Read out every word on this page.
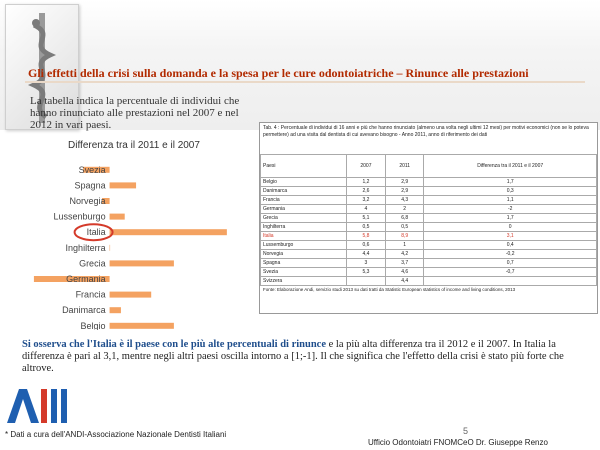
Gli effetti della crisi sulla domanda e la spesa per le cure odontoiatriche – Rinunce alle prestazioni
La tabella indica la percentuale di individui che hanno rinunciato alle prestazioni nel 2007 e nel 2012 in vari paesi.
Differenza tra il 2011 e il 2007
Svezia
Spagna
Norvegia
Lussenburgo
Italia
Inghilterra
Grecia
Germania
Francia
Danimarca
Belgio
Tab. 4 : Percentuale di individui di 16 anni e più che hanno rinunciato (almeno una volta negli ultimi 12 mesi) per motivi economici (non se lo poteva permettere) ad una visita dal dentista di cui avevano bisogno - Anno 2011, anno di riferimento dei dati
Paesi	2007	2011	Differenza tra il 2011 e il 2007
Belgio	1,2	2,9	1,7
Danimarca	2,6	2,9	0,3
Francia	3,2	4,3	1,1
Germania	4	2	-2
Grecia	5,1	6,8	1,7
Inghilterra	0,5	0,5	0
Italia	5,8	8,9	3,1
Lussemburgo	0,6	1	0,4
Norvegia	4,4	4,2	-0,2
Spagna	3	3,7	0,7
Svezia	5,3	4,6	-0,7
Svizzera		4,4	
Fonte: Elaborazione Andi, servizio studi 2013 su dati tratti da Statistic European statistics of income and living conditions, 2013
Si osserva che l'Italia è il paese con le più alte percentuali di rinunce e la più alta differenza tra il 2012 e il 2007. In Italia la differenza è pari al 3,1, mentre negli altri paesi oscilla intorno a [1;-1]. Il che significa che l'effetto della crisi è stato più forte che altrove.
* Dati a cura dell'ANDI-Associazione Nazionale Dentisti Italiani	5
Ufficio Odontoiatri FNOMCeO Dr. Giuseppe Renzo
